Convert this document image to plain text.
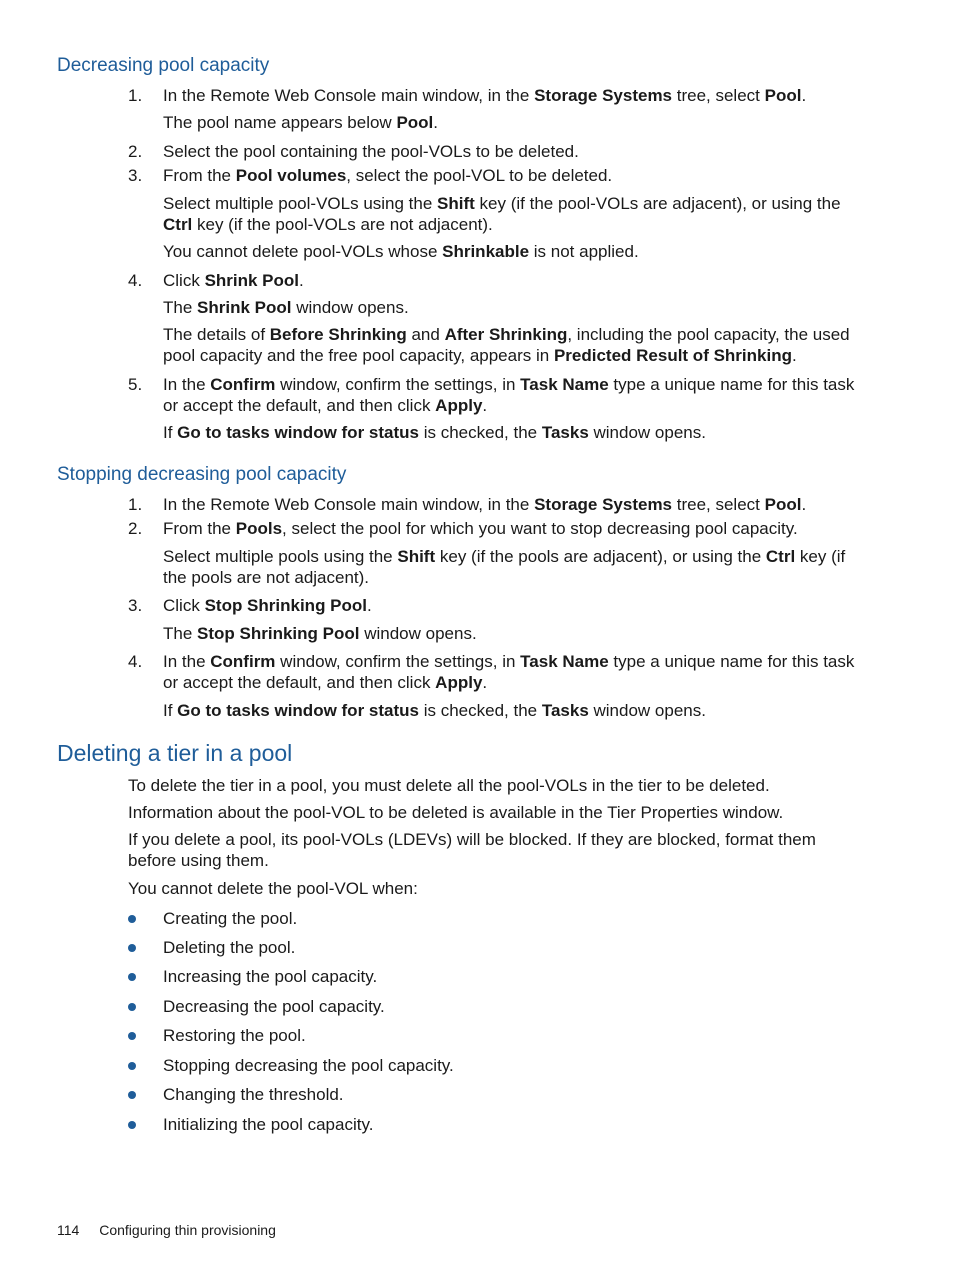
Decreasing pool capacity
1. In the Remote Web Console main window, in the Storage Systems tree, select Pool.
The pool name appears below Pool.
2. Select the pool containing the pool-VOLs to be deleted.
3. From the Pool volumes, select the pool-VOL to be deleted.
Select multiple pool-VOLs using the Shift key (if the pool-VOLs are adjacent), or using the Ctrl key (if the pool-VOLs are not adjacent).
You cannot delete pool-VOLs whose Shrinkable is not applied.
4. Click Shrink Pool.
The Shrink Pool window opens.
The details of Before Shrinking and After Shrinking, including the pool capacity, the used pool capacity and the free pool capacity, appears in Predicted Result of Shrinking.
5. In the Confirm window, confirm the settings, in Task Name type a unique name for this task or accept the default, and then click Apply.
If Go to tasks window for status is checked, the Tasks window opens.
Stopping decreasing pool capacity
1. In the Remote Web Console main window, in the Storage Systems tree, select Pool.
2. From the Pools, select the pool for which you want to stop decreasing pool capacity.
Select multiple pools using the Shift key (if the pools are adjacent), or using the Ctrl key (if the pools are not adjacent).
3. Click Stop Shrinking Pool.
The Stop Shrinking Pool window opens.
4. In the Confirm window, confirm the settings, in Task Name type a unique name for this task or accept the default, and then click Apply.
If Go to tasks window for status is checked, the Tasks window opens.
Deleting a tier in a pool
To delete the tier in a pool, you must delete all the pool-VOLs in the tier to be deleted.
Information about the pool-VOL to be deleted is available in the Tier Properties window.
If you delete a pool, its pool-VOLs (LDEVs) will be blocked. If they are blocked, format them before using them.
You cannot delete the pool-VOL when:
Creating the pool.
Deleting the pool.
Increasing the pool capacity.
Decreasing the pool capacity.
Restoring the pool.
Stopping decreasing the pool capacity.
Changing the threshold.
Initializing the pool capacity.
114 Configuring thin provisioning
